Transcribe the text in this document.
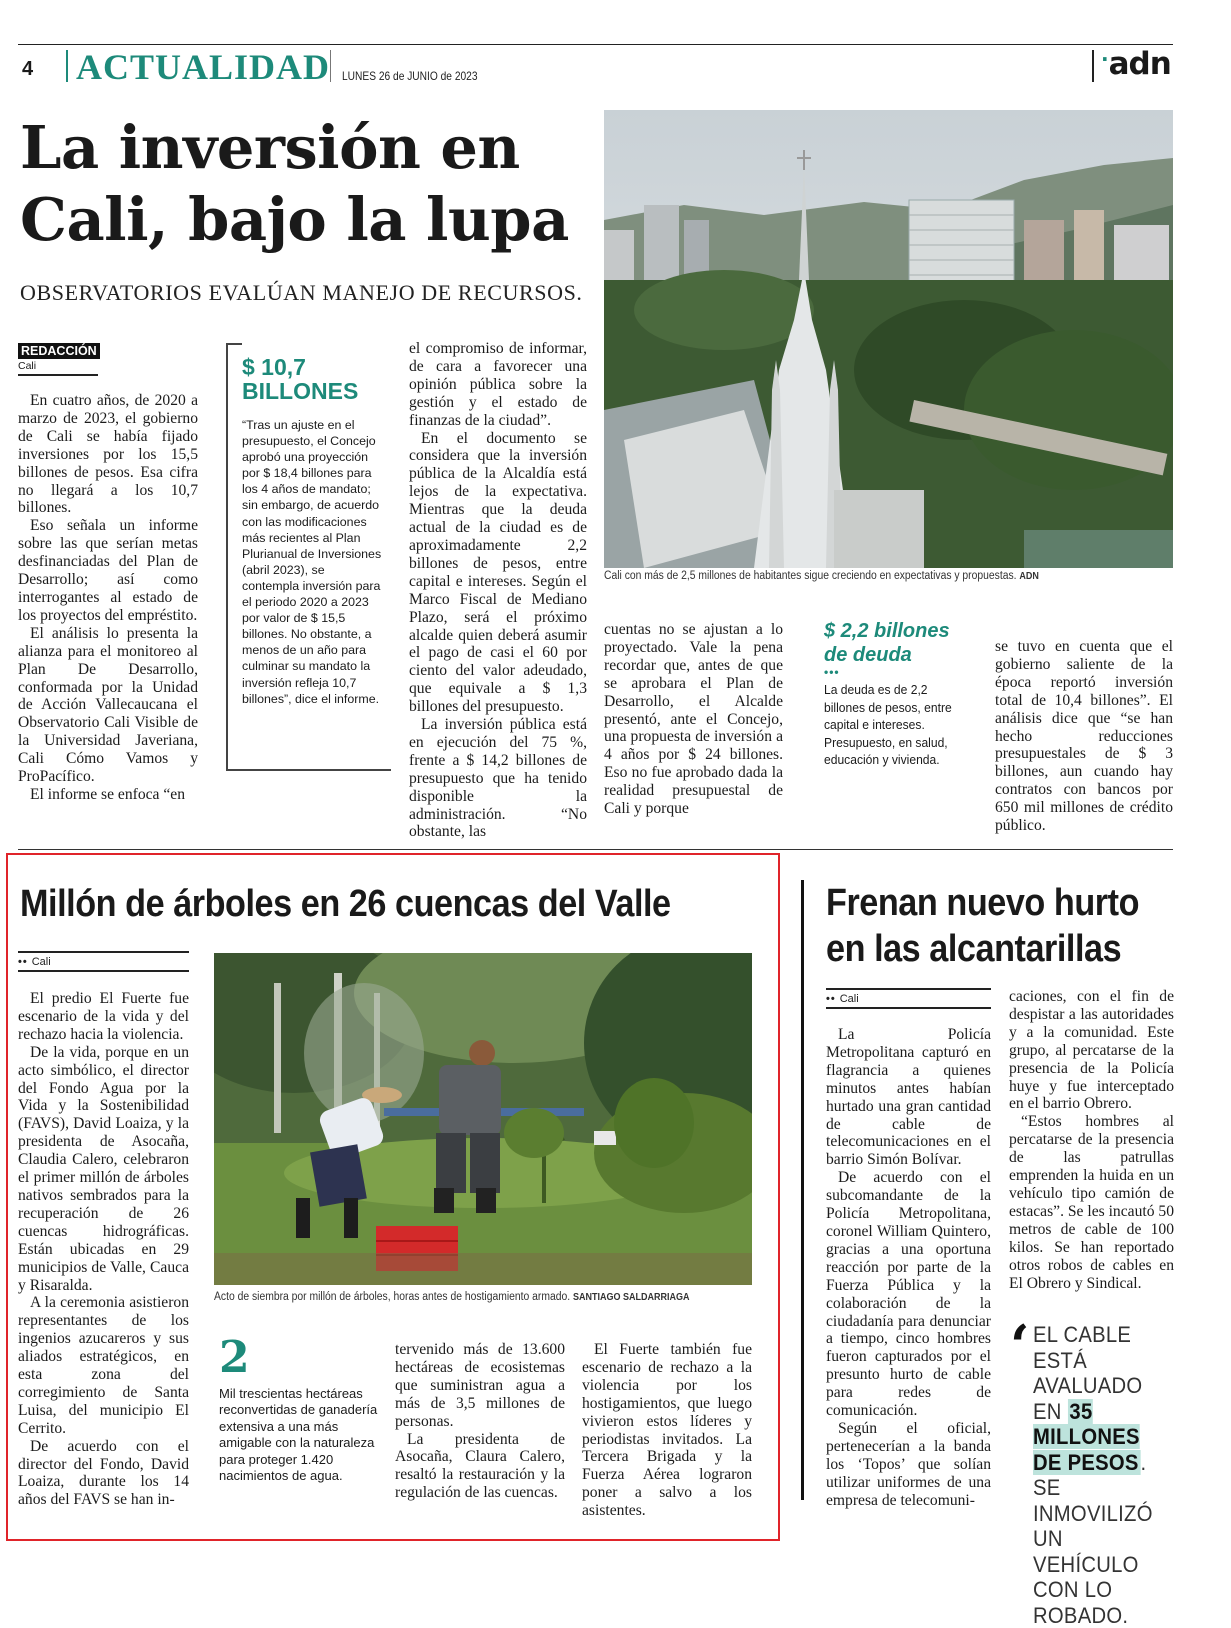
4 ACTUALIDAD LUNES 26 de JUNIO de 2023
·adn
La inversión en Cali, bajo la lupa
OBSERVATORIOS EVALÚAN MANEJO DE RECURSOS.
REDACCIÓN
Cali

En cuatro años, de 2020 a marzo de 2023, el gobierno de Cali se había fijado inversiones por los 15,5 billones de pesos. Esa cifra no llegará a los 10,7 billones.

Eso señala un informe sobre las que serían metas desfinanciadas del Plan de Desarrollo; así como interrogantes al estado de los proyectos del empréstito.

El análisis lo presenta la alianza para el monitoreo al Plan De Desarrollo, conformada por la Unidad de Acción Vallecaucana el Observatorio Cali Visible de la Universidad Javeriana, Cali Cómo Vamos y ProPacífico.

El informe se enfoca “en

$ 10,7
BILLONES
“Tras un ajuste en el presupuesto, el Concejo aprobó una proyección por $ 18,4 billones para los 4 años de mandato; sin embargo, de acuerdo con las modificaciones más recientes al Plan Plurianual de Inversiones (abril 2023), se contempla inversión para el periodo 2020 a 2023 por valor de $ 15,5 billones. No obstante, a menos de un año para culminar su mandato la inversión refleja 10,7 billones”, dice el informe.

el compromiso de informar, de cara a favorecer una opinión pública sobre la gestión y el estado de finanzas de la ciudad”.

En el documento se considera que la inversión pública de la Alcaldía está lejos de la expectativa. Mientras que la deuda actual de la ciudad es de aproximadamente 2,2 billones de pesos, entre capital e intereses. Según el Marco Fiscal de Mediano Plazo, será el próximo alcalde quien deberá asumir el pago de casi el 60 por ciento del valor adeudado, que equivale a $ 1,3 billones del presupuesto.

La inversión pública está en ejecución del 75 %, frente a $ 14,2 billones de presupuesto que ha tenido disponible la administración. “No obstante, las

Cali con más de 2,5 millones de habitantes sigue creciendo en expectativas y propuestas. ADN

cuentas no se ajustan a lo proyectado. Vale la pena recordar que, antes de que se aprobara el Plan de Desarrollo, el Alcalde presentó, ante el Concejo, una propuesta de inversión a 4 años por $ 24 billones. Eso no fue aprobado dada la realidad presupuestal de Cali y porque

$ 2,2 billones de deuda
•••
La deuda es de 2,2 billones de pesos, entre capital e intereses. Presupuesto, en salud, educación y vivienda.

se tuvo en cuenta que el gobierno saliente de la época reportó inversión total de 10,4 billones”. El análisis dice que “se han hecho reducciones presupuestales de $ 3 billones, aun cuando hay contratos con bancos por 650 mil millones de crédito público.

Millón de árboles en 26 cuencas del Valle
•• Cali

El predio El Fuerte fue escenario de la vida y del rechazo hacia la violencia.

De la vida, porque en un acto simbólico, el director del Fondo Agua por la Vida y la Sostenibilidad (FAVS), David Loaiza, y la presidenta de Asocaña, Claudia Calero, celebraron el primer millón de árboles nativos sembrados para la recuperación de 26 cuencas hidrográficas. Están ubicadas en 29 municipios de Valle, Cauca y Risaralda.

A la ceremonia asistieron representantes de los ingenios azucareros y sus aliados estratégicos, en esta zona del corregimiento de Santa Luisa, del municipio El Cerrito.

De acuerdo con el director del Fondo, David Loaiza, durante los 14 años del FAVS se han in-

Acto de siembra por millón de árboles, horas antes de hostigamiento armado. SANTIAGO SALDARRIAGA
2
Mil trescientas hectáreas reconvertidas de ganadería extensiva a una más amigable con la naturaleza para proteger 1.420 nacimientos de agua.

tervenido más de 13.600 hectáreas de ecosistemas que suministran agua a más de 3,5 millones de personas.

La presidenta de Asocaña, Claura Calero, resaltó la restauración y la regulación de las cuencas.

El Fuerte también fue escenario de rechazo a la violencia por los hostigamientos, que luego vivieron estos líderes y periodistas invitados. La Tercera Brigada y la Fuerza Aérea lograron poner a salvo a los asistentes.

Frenan nuevo hurto en las alcantarillas
•• Cali

La Policía Metropolitana capturó en flagrancia a quienes minutos antes habían hurtado una gran cantidad de cable de telecomunicaciones en el barrio Simón Bolívar.

De acuerdo con el subcomandante de la Policía Metropolitana, coronel William Quintero, gracias a una oportuna reacción por parte de la Fuerza Pública y la colaboración de la ciudadanía para denunciar a tiempo, cinco hombres fueron capturados por el presunto hurto de cable para redes de comunicación.

Según el oficial, pertenecerían a la banda los ‘Topos’ que solían utilizar uniformes de una empresa de telecomuni-

caciones, con el fin de despistar a las autoridades y a la comunidad. Este grupo, al percatarse de la presencia de la Policía huye y fue interceptado en el barrio Obrero.

“Estos hombres al percatarse de la presencia de las patrullas emprenden la huida en un vehículo tipo camión de estacas”. Se les incautó 50 metros de cable de 100 kilos. Se han reportado otros robos de cables en El Obrero y Sindical.

‘ EL CABLE ESTÁ AVALUADO EN 35 MILLONES DE PESOS. SE INMOVILIZÓ UN VEHÍCULO CON LO ROBADO.
